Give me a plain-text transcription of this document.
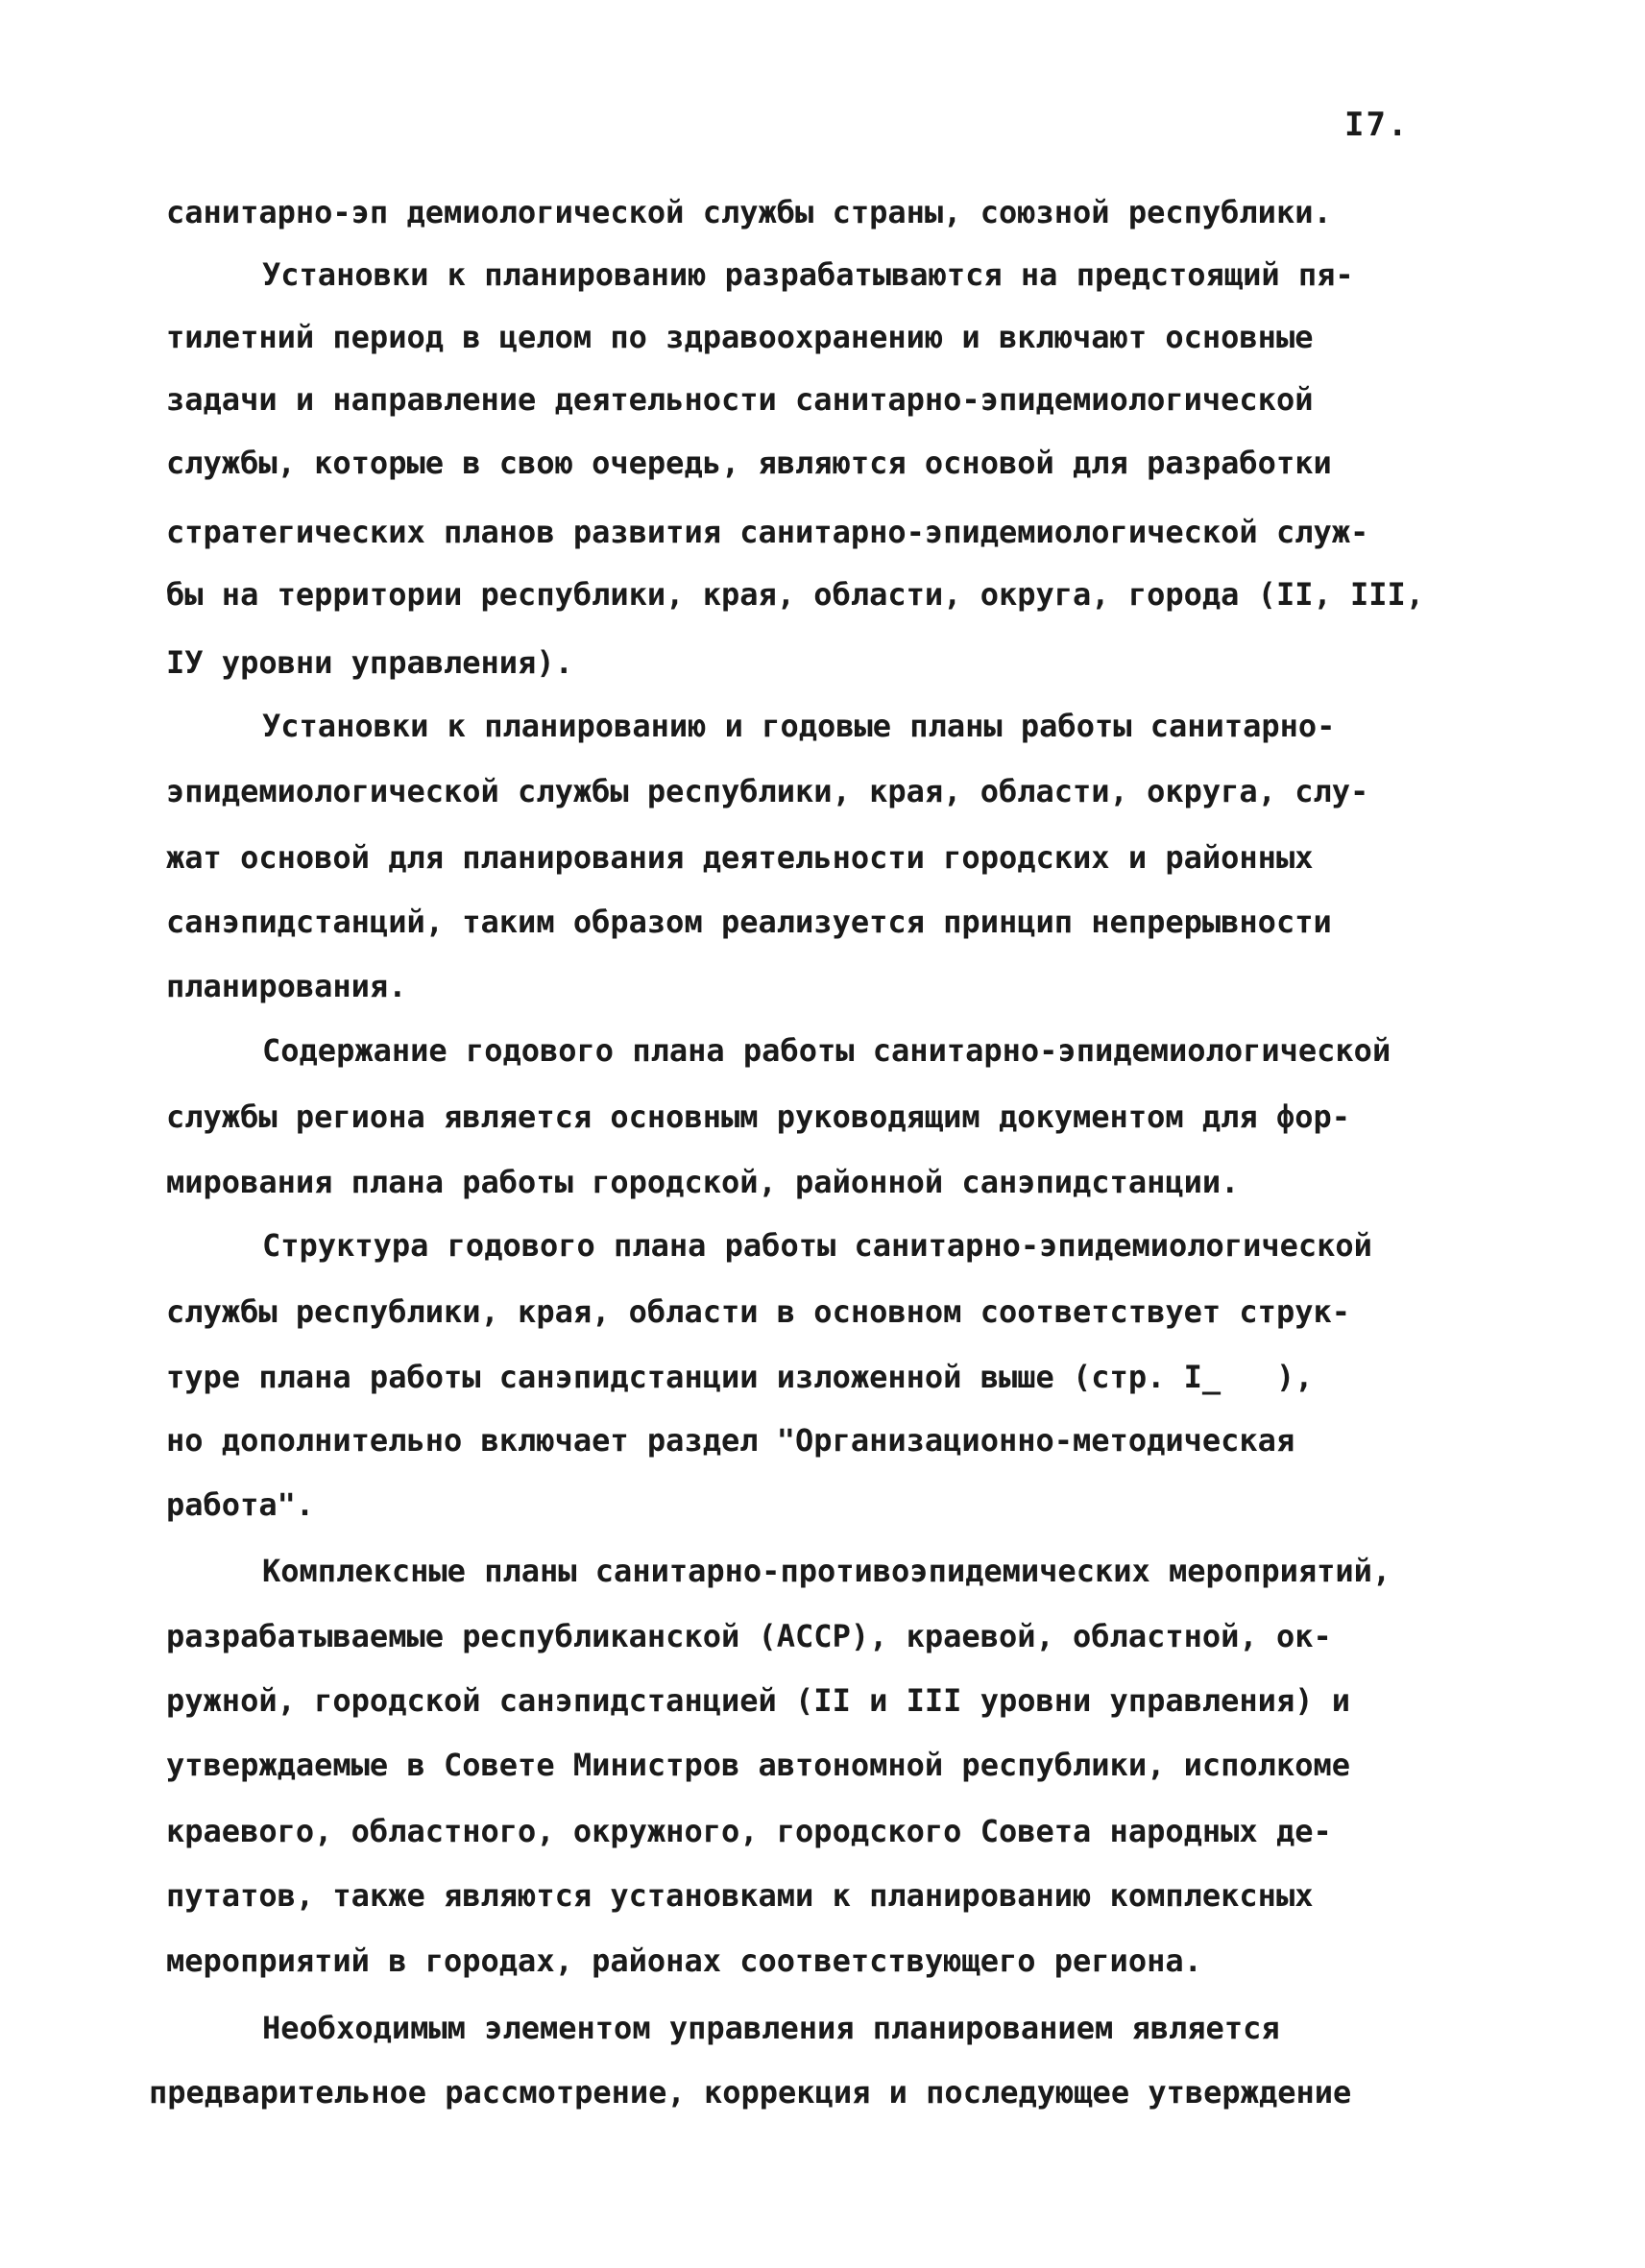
I7.
санитарно-эп демиологической службы страны, союзной республики.
Установки к планированию разрабатываются на предстоящий пя-
тилетний период в целом по здравоохранению и включают основные
задачи и направление деятельности санитарно-эпидемиологической
службы, которые в свою очередь, являются основой для разработки
стратегических планов развития санитарно-эпидемиологической служ-
бы на территории республики, края, области, округа, города (II, III,
IУ уровни управления).
Установки к планированию и годовые планы работы санитарно-
эпидемиологической службы республики, края, области, округа, слу-
жат основой для планирования деятельности городских и районных
санэпидстанций, таким образом реализуется принцип непрерывности
планирования.
Содержание годового плана работы санитарно-эпидемиологической
службы региона является основным руководящим документом для фор-
мирования плана работы городской, районной санэпидстанции.
Структура годового плана работы санитарно-эпидемиологической
службы республики, края, области в основном соответствует струк-
туре плана работы санэпидстанции изложенной выше (стр. I_   ),
но дополнительно включает раздел "Организационно-методическая
работа".
Комплексные планы санитарно-противоэпидемических мероприятий,
разрабатываемые республиканской (АССР), краевой, областной, ок-
ружной, городской санэпидстанцией (II и III уровни управления) и
утверждаемые в Совете Министров автономной республики, исполкоме
краевого, областного, окружного, городского Совета народных де-
путатов, также являются установками к планированию комплексных
мероприятий в городах, районах соответствующего региона.
Необходимым элементом управления планированием является
предварительное рассмотрение, коррекция и последующее утверждение
